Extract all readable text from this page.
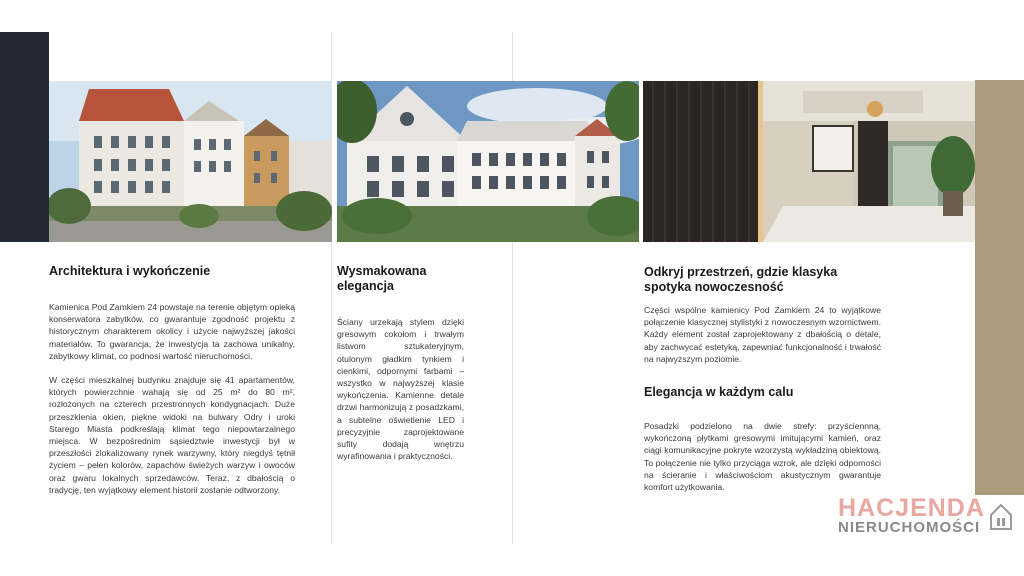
Architektura i wykończenie

Kamienica Pod Zamkiem 24 powstaje na terenie objętym opieką konserwatora zabytków, co gwarantuje zgodność projektu z historycznym charakterem okolicy i użycie najwyższej jakości materiałów. To gwarancja, że inwestycja ta zachowa unikalny, zabytkowy klimat, co podnosi wartość nieruchomości.

W części mieszkalnej budynku znajduje się 41 apartamentów, których powierzchnie wahają się od 25 m² do 80 m², rozłożonych na czterech przestronnych kondygnacjach. Duże przeszklenia okien, piękne widoki na bulwary Odry i uroki Starego Miasta podkreślają klimat tego niepowtarzalnego miejsca. W bezpośrednim sąsiedztwie inwestycji był w przeszłości zlokalizowany rynek warzywny, który niegdyś tętnił życiem – pełen kolorów, zapachów świeżych warzyw i owoców oraz gwaru lokalnych sprzedawców. Teraz, z dbałością o tradycję, ten wyjątkowy element historii zostanie odtworzony.

Wysmakowana elegancja

Ściany urzekają stylem dzięki gresowym cokołom i trwałym listwom sztukateryjnym, otulonym gładkim tynkiem i cienkimi, odpornymi farbami – wszystko w najwyższej klasie wykończenia. Kamienne detale drzwi harmonizują z posadzkami, a subtelne oświetlenie LED i precyzyjnie zaprojektowane sufity dodają wnętrzu wyrafinowania i praktyczności.

Odkryj przestrzeń, gdzie klasyka spotyka nowoczesność

Części wspólne kamienicy Pod Zamkiem 24 to wyjątkowe połączenie klasycznej stylistyki z nowoczesnym wzornictwem. Każdy element został zaprojektowany z dbałością o detale, aby zachwycać estetyką, zapewniać funkcjonalność i trwałość na najwyższym poziomie.

Elegancja w każdym calu

Posadzki podzielono na dwie strefy: przyściennną, wykończoną płytkami gresowymi imitującymi kamień, oraz ciągi komunikacyjne pokryte wzorzystą wykładziną obiektową. To połączenie nie tylko przyciąga wzrok, ale dzięki odporności na ścieranie i właściwościom akustycznym gwarantuje komfort użytkowania.

HACJENDA
NIERUCHOMOŚCI
